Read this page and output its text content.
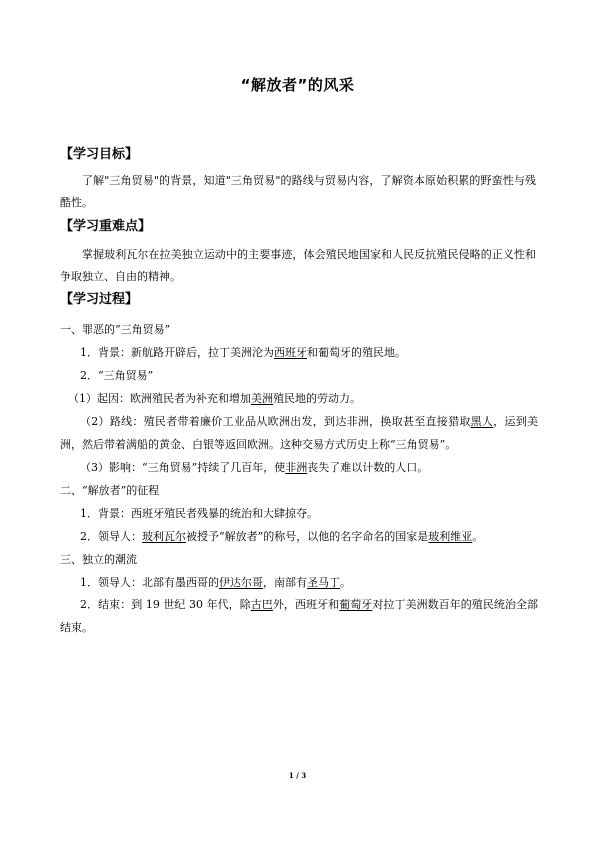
“解放者”的风采
【学习目标】
了解"三角贸易"的背景，知道"三角贸易"的路线与贸易内容，了解资本原始积累的野蛮性与残酷性。
【学习重难点】
掌握玻利瓦尔在拉美独立运动中的主要事迹，体会殖民地国家和人民反抗殖民侵略的正义性和争取独立、自由的精神。
【学习过程】
一、罪恶的“三角贸易”
1．背景：新航路开辟后，拉丁美洲沦为西班牙和葡萄牙的殖民地。
2．“三角贸易”
（1）起因：欧洲殖民者为补充和增加美洲殖民地的劳动力。
（2）路线：殖民者带着廉价工业品从欧洲出发，到达非洲，换取甚至直接猎取黑人，运到美洲，然后带着满船的黄金、白银等返回欧洲。这种交易方式历史上称“三角贸易”。
（3）影响：“三角贸易”持续了几百年，使非洲丧失了难以计数的人口。
二、“解放者”的征程
1．背景：西班牙殖民者残暴的统治和大肆掠夺。
2．领导人：玻利瓦尔被授予“解放者”的称号，以他的名字命名的国家是玻利维亚。
三、独立的潮流
1．领导人：北部有墨西哥的伊达尔哥，南部有圣马丁。
2．结束：到 19 世纪 30 年代，除古巴外，西班牙和葡萄牙对拉丁美洲数百年的殖民统治全部结束。
1 / 3
